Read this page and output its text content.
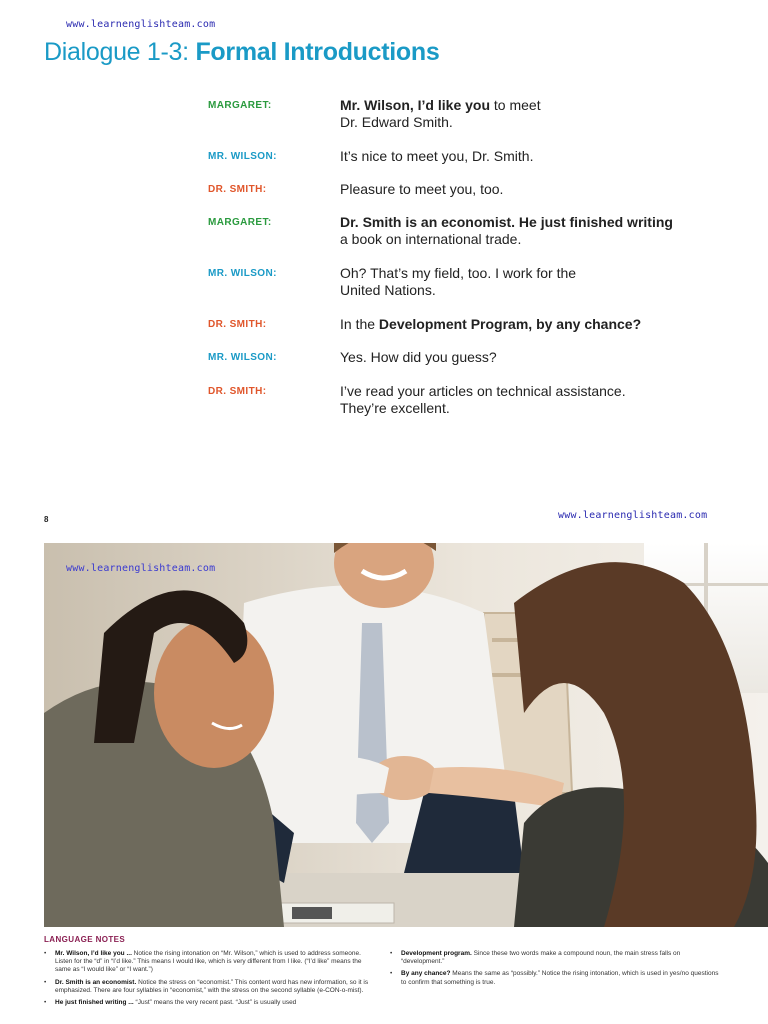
www.learnenglishteam.com
Dialogue 1-3: Formal Introductions
MARGARET:	Mr. Wilson, I’d like you to meet
Dr. Edward Smith.
MR. WILSON:	It’s nice to meet you, Dr. Smith.
DR. SMITH:	Pleasure to meet you, too.
MARGARET:	Dr. Smith is an economist. He just finished writing a book on international trade.
MR. WILSON:	Oh? That’s my field, too. I work for the
United Nations.
DR. SMITH:	In the Development Program, by any chance?
MR. WILSON:	Yes. How did you guess?
DR. SMITH:	I’ve read your articles on technical assistance.
They’re excellent.
8	www.learnenglishteam.com
www.learnenglishteam.com
LANGUAGE NOTES
• Mr. Wilson, I’d like you ... Notice the rising intonation on “Mr. Wilson,” which is used to address someone. Listen for the “d” in “I’d like.” This means I would like, which is very different from I like. (“I’d like” means the same as “I would like” or “I want.”)
• Dr. Smith is an economist. Notice the stress on “economist.” This content word has new information, so it is emphasized. There are four syllables in “economist,” with the stress on the second syllable (e-CON-o-mist).
• He just finished writing ... “Just” means the very recent past. “Just” is usually used
• Development program. Since these two words make a compound noun, the main stress falls on “development.”
• By any chance? Means the same as “possibly.” Notice the rising intonation, which is used in yes/no questions to confirm that something is true.
